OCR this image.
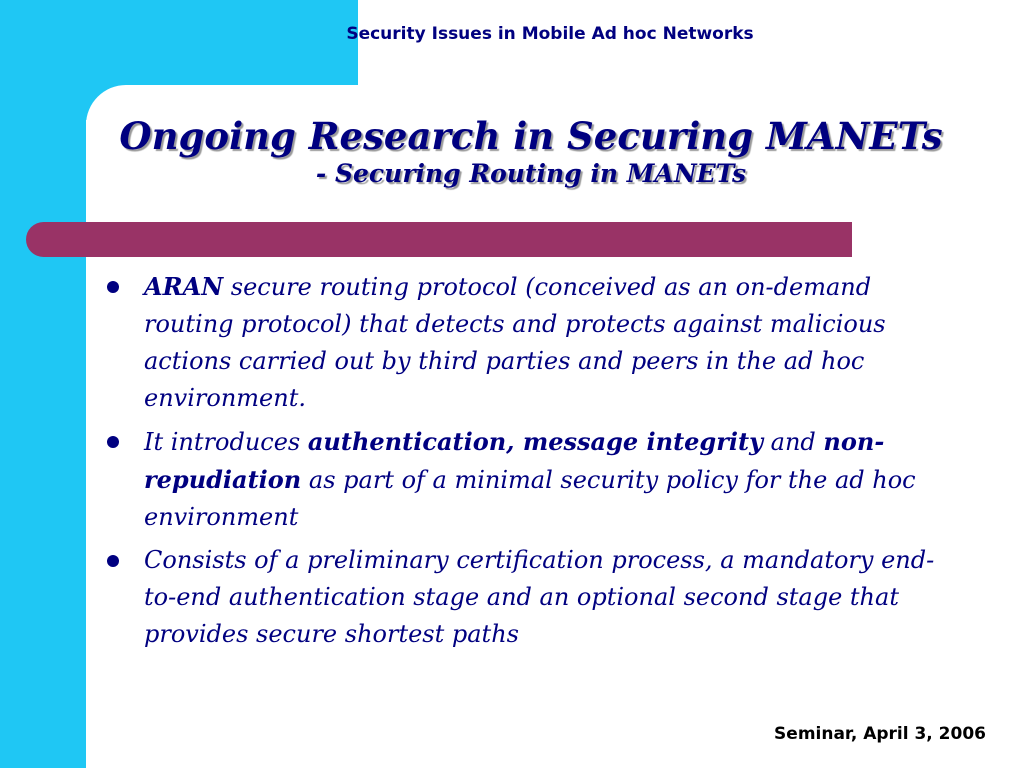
Security Issues in Mobile Ad hoc Networks
Ongoing Research in Securing MANETs
- Securing Routing in MANETs
ARAN secure routing protocol (conceived as an on-demand routing protocol) that detects and protects against malicious actions carried out by third parties and peers in the ad hoc environment.
It introduces authentication, message integrity and non-repudiation as part of a minimal security policy for the ad hoc environment
Consists of a preliminary certification process, a mandatory end-to-end authentication stage and an optional second stage that provides secure shortest paths
Seminar, April 3, 2006
